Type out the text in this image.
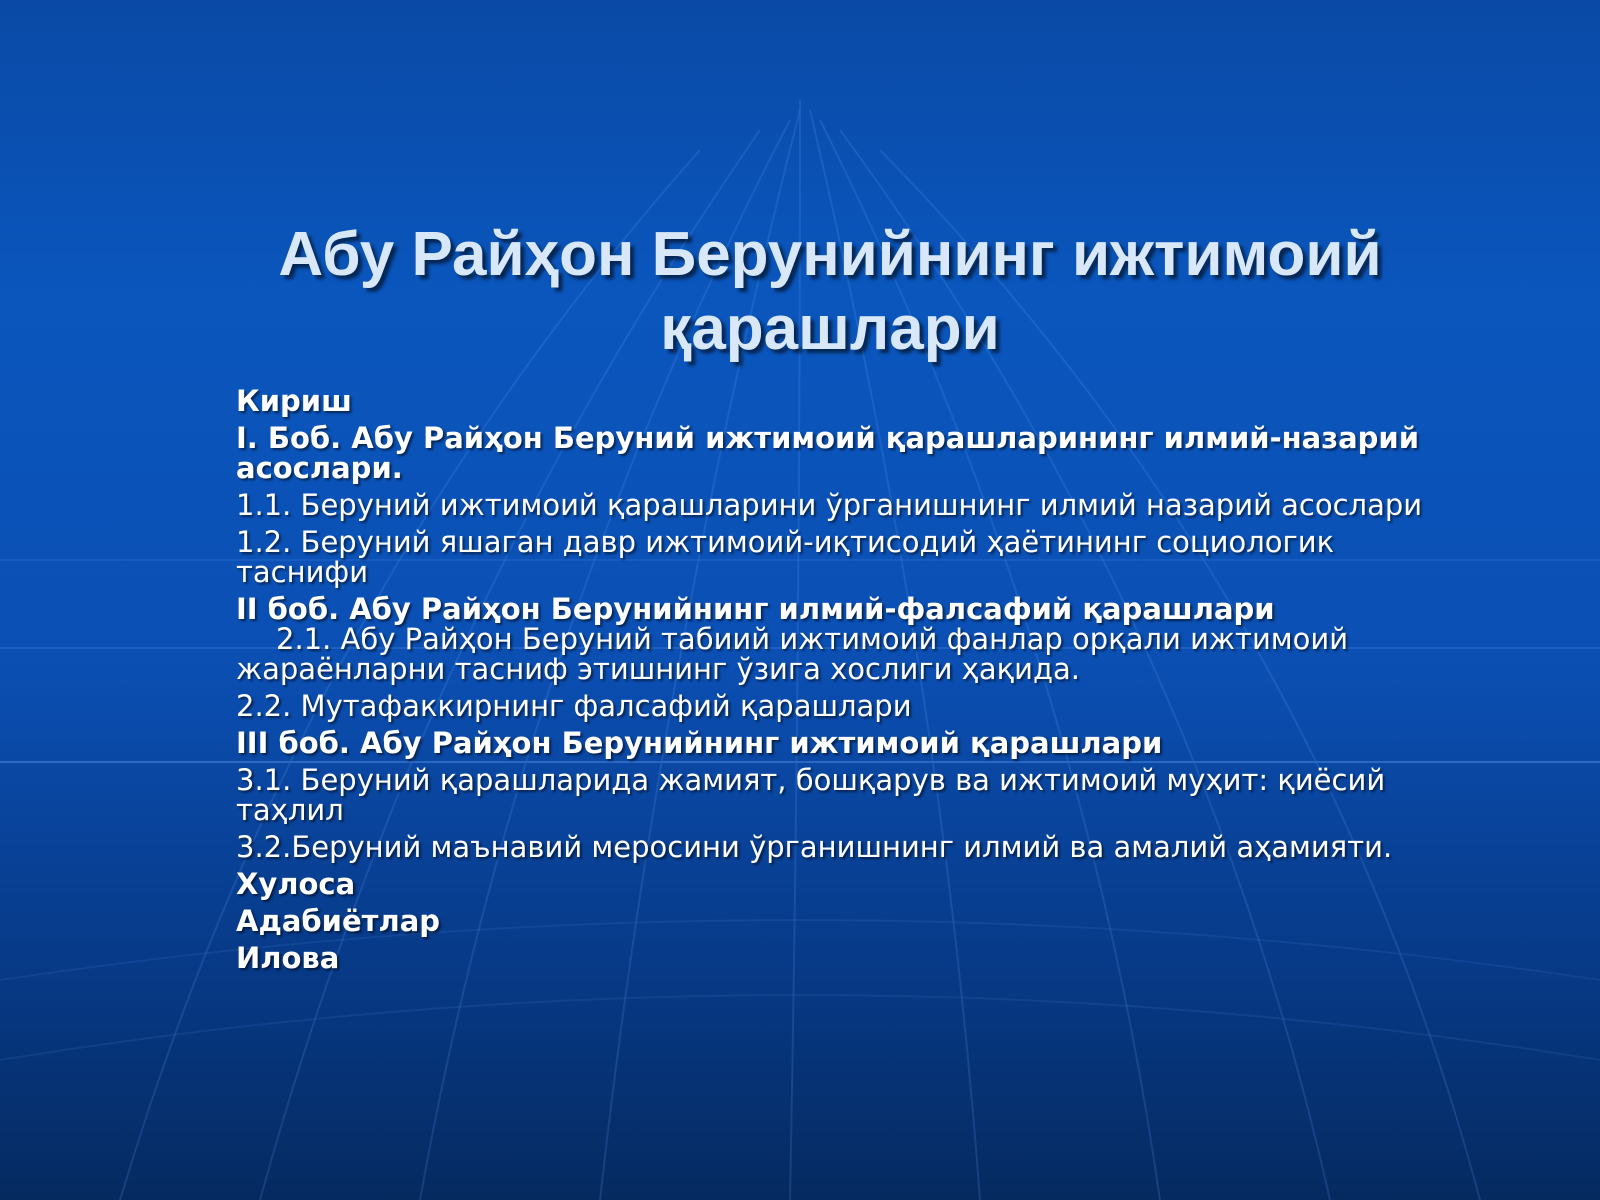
Абу Райҳон Берунийнинг ижтимоий қарашлари
Кириш
I. Боб. Абу Райҳон Беруний ижтимоий қарашларининг илмий-назарий асослари.
1.1. Беруний ижтимоий қарашларини ўрганишнинг илмий назарий асослари
1.2. Беруний яшаган давр ижтимоий-иқтисодий ҳаётининг социологик таснифи
II боб. Абу Райҳон Берунийнинг илмий-фалсафий қарашлари
2.1. Абу Райҳон Беруний табиий ижтимоий фанлар орқали ижтимоий жараёнларни тасниф этишнинг ўзига хослиги ҳақида.
2.2. Мутафаккирнинг фалсафий қарашлари
III боб. Абу Райҳон Берунийнинг ижтимоий қарашлари
3.1. Беруний қарашларида жамият, бошқарув ва ижтимоий муҳит: қиёсий таҳлил
3.2.Беруний маънавий меросини ўрганишнинг илмий ва амалий аҳамияти.
Хулоса
Адабиётлар
Илова
